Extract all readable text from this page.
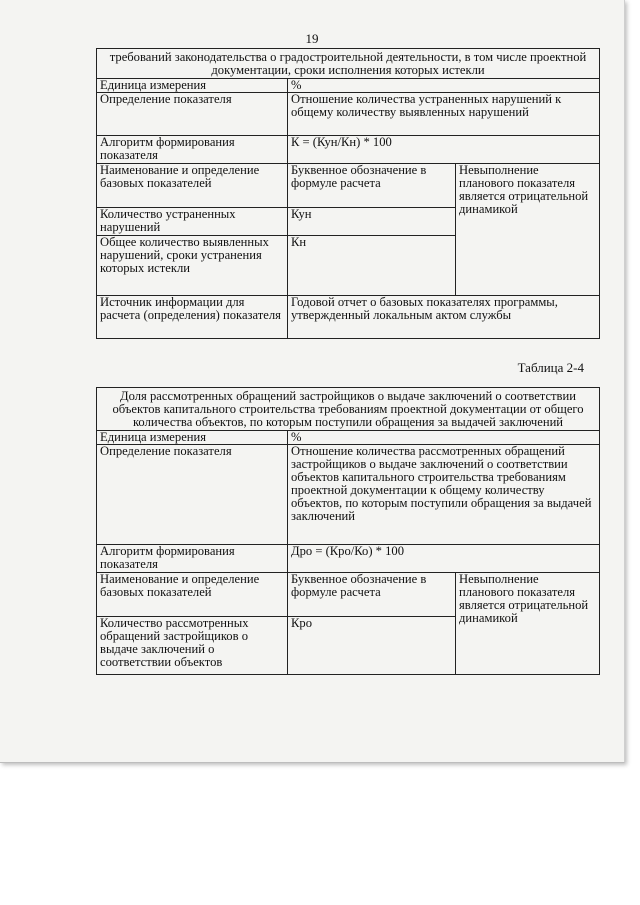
19
требований законодательства о градостроительной деятельности, в том числе проектной документации, сроки исполнения которых истекли		
Единица измерения	%	
Определение показателя	Отношение количества устраненных нарушений к общему количеству выявленных нарушений	
Алгоритм формирования показателя	К = (Кун/Кн) * 100	
Наименование и определение базовых показателей	Буквенное обозначение в формуле расчета	Невыполнение планового показателя является отрицательной динамикой
Количество устраненных нарушений	Кун	
Общее количество выявленных нарушений, сроки устранения которых истекли	Кн	
Источник информации для расчета (определения) показателя	Годовой отчет о базовых показателях программы, утвержденный локальным актом службы	
Таблица 2-4
Доля рассмотренных обращений застройщиков о выдаче заключений о соответствии объектов капитального строительства требованиям проектной документации от общего количества объектов, по которым поступили обращения за выдачей заключений		
Единица измерения	%	
Определение показателя	Отношение количества рассмотренных обращений застройщиков о выдаче заключений о соответствии объектов капитального строительства требованиям проектной документации к общему количеству объектов, по которым поступили обращения за выдачей заключений	
Алгоритм формирования показателя	Дро = (Кро/Ко) * 100	
Наименование и определение базовых показателей	Буквенное обозначение в формуле расчета	Невыполнение планового показателя является отрицательной динамикой
Количество рассмотренных обращений застройщиков о выдаче заключений о соответствии объектов	Кро	
